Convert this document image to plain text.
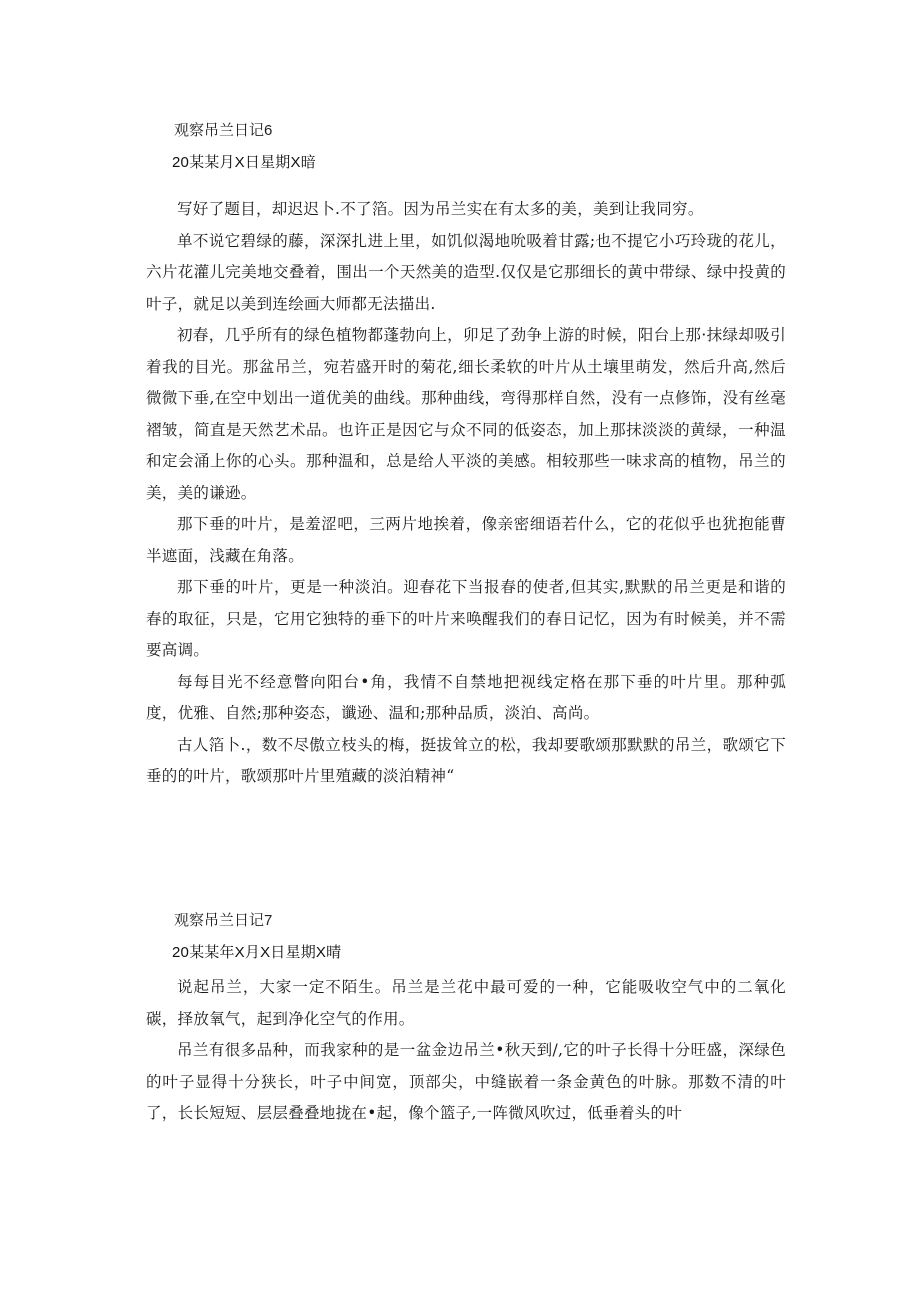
观察吊兰日记6
20某某月X日星期X暗

写好了题目，却迟迟卜.不了箔。因为吊兰实在有太多的美，美到让我同穷。

单不说它碧绿的藤，深深扎进上里，如饥似渴地吮吸着甘露;也不提它小巧玲珑的花儿，六片花灌儿完美地交叠着，围出一个天然美的造型.仅仅是它那细长的黄中带绿、绿中投黄的叶子，就足以美到连绘画大师都无法描出.

初春，几乎所有的绿色植物都蓬勃向上，卯足了劲争上游的时候，阳台上那·抹绿却吸引着我的目光。那盆吊兰，宛若盛开时的菊花,细长柔软的叶片从土壤里萌发，然后升高,然后微微下垂,在空中划出一道优美的曲线。那种曲线，弯得那样自然，没有一点修饰，没有丝毫褶皱，简直是天然艺术品。也许正是因它与众不同的低姿态，加上那抹淡淡的黄绿，一种温和定会涌上你的心头。那种温和，总是给人平淡的美感。相较那些一味求高的植物，吊兰的美，美的谦逊。

那下垂的叶片，是羞涩吧，三两片地挨着，像亲密细语若什么，它的花似乎也犹抱能曹半遮面，浅藏在角落。

那下垂的叶片，更是一种淡泊。迎春花下当报春的使者,但其实,默默的吊兰更是和谐的春的取征，只是，它用它独特的垂下的叶片来唤醒我们的春日记忆，因为有时候美，并不需要高调。

每每目光不经意瞥向阳台•角，我情不自禁地把视线定格在那下垂的叶片里。那种弧度，优雅、自然;那种姿态，谶逊、温和;那种品质，淡泊、高尚。

古人箔卜.，数不尽傲立枝头的梅，挺拔耸立的松，我却要歌颂那默默的吊兰，歌颂它下垂的的叶片，歌颂那叶片里殖藏的淡泊精神“

观察吊兰日记7
20某某年X月X日星期X晴

说起吊兰，大家一定不陌生。吊兰是兰花中最可爱的一种，它能吸收空气中的二氧化碳，择放氧气，起到净化空气的作用。

吊兰有很多品种，而我家种的是一盆金边吊兰•秋天到/,它的叶子长得十分旺盛，深绿色的叶子显得十分狭长，叶子中间宽，顶部尖，中缝嵌着一条金黄色的叶脉。那数不清的叶了，长长短短、层层叠叠地拢在•起，像个篮子,一阵微风吹过，低垂着头的叶
